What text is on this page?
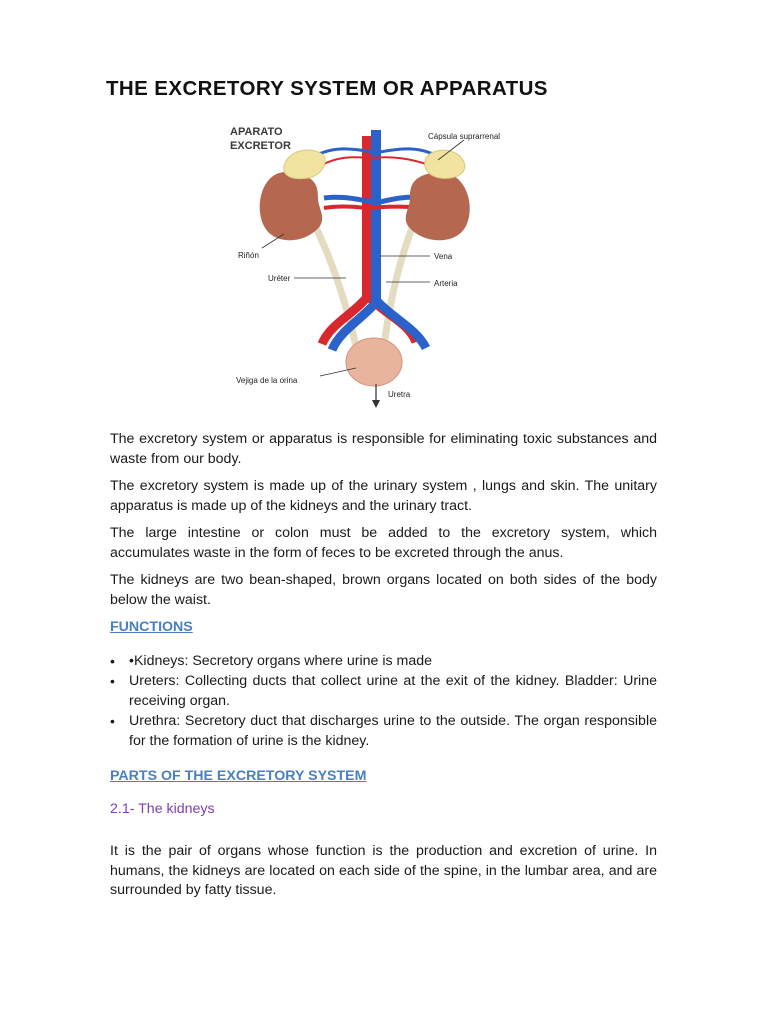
THE EXCRETORY SYSTEM OR APPARATUS
APARATO
EXCRETOR
Cápsula suprarrenal
Riñón
Uréter
Vena
Arteria
Vejiga de la orina
Uretra

The excretory system or apparatus is responsible for eliminating toxic substances and waste from our body.

The excretory system is made up of the urinary system , lungs and skin. The unitary apparatus is made up of the kidneys and the urinary tract.

The large intestine or colon must be added to the excretory system, which accumulates waste in the form of feces to be excreted through the anus.

The kidneys are two bean-shaped, brown organs located on both sides of the body below the waist.

FUNCTIONS
• •Kidneys: Secretory organs where urine is made
• Ureters: Collecting ducts that collect urine at the exit of the kidney. Bladder: Urine receiving organ.
• Urethra: Secretory duct that discharges urine to the outside. The organ responsible for the formation of urine is the kidney.
PARTS OF THE EXCRETORY SYSTEM
2.1- The kidneys

It is the pair of organs whose function is the production and excretion of urine. In humans, the kidneys are located on each side of the spine, in the lumbar area, and are surrounded by fatty tissue.
